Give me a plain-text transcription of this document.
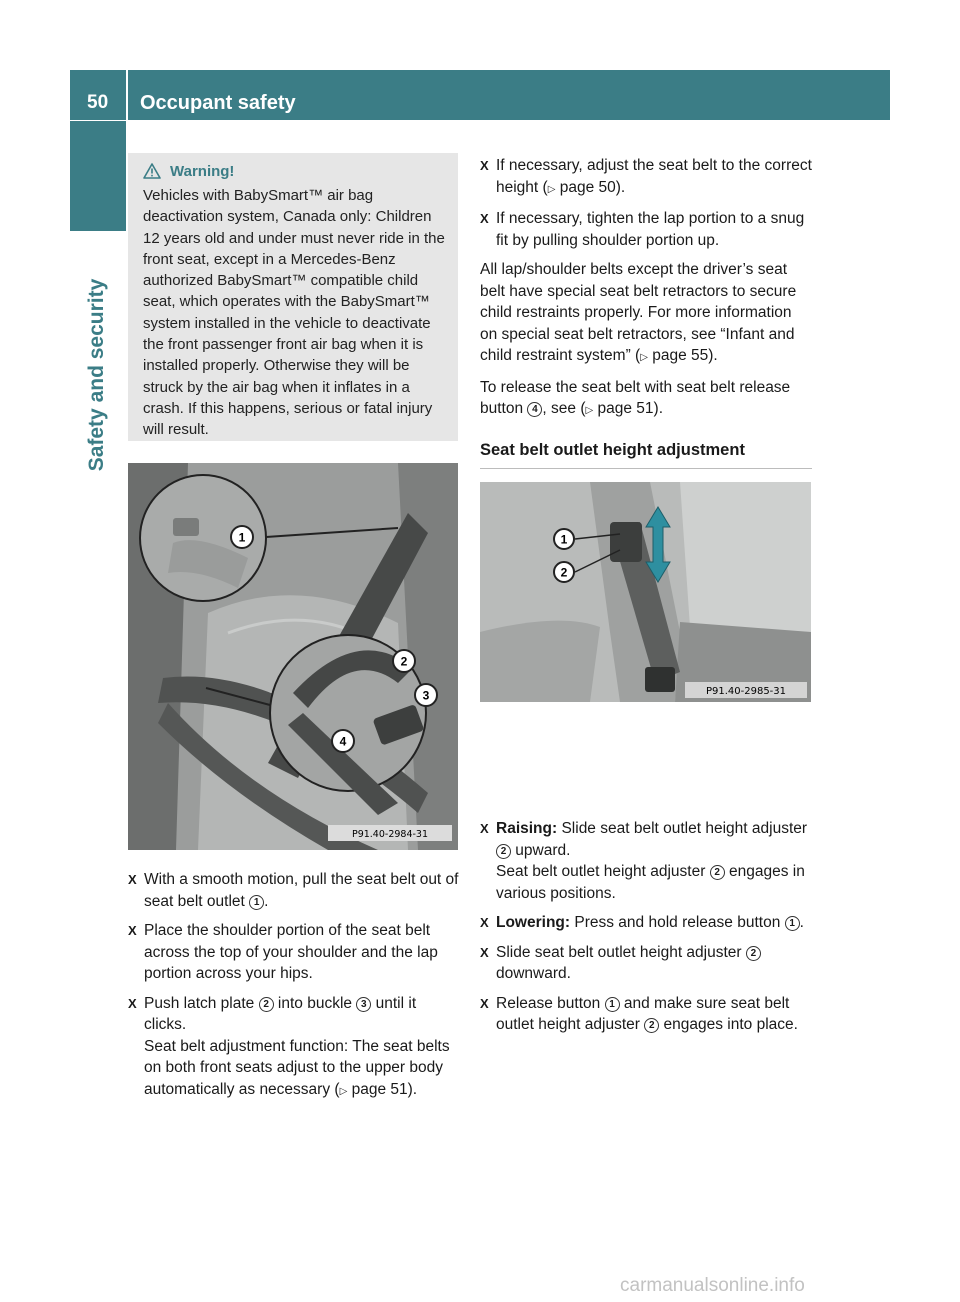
50	Occupant safety
Safety and security
Warning!
Vehicles with BabySmart™ air bag deactivation system, Canada only: Children 12 years old and under must never ride in the front seat, except in a Mercedes-Benz authorized BabySmart™ compatible child seat, which operates with the BabySmart™ system installed in the vehicle to deactivate the front passenger front air bag when it is installed properly. Otherwise they will be struck by the air bag when it inflates in a crash. If this happens, serious or fatal injury will result.
P91.40-2984-31
1
2
3
4
X With a smooth motion, pull the seat belt out of seat belt outlet 1 .
X Place the shoulder portion of the seat belt across the top of your shoulder and the lap portion across your hips.
X Push latch plate 2 into buckle 3 until it clicks.
Seat belt adjustment function: The seat belts on both front seats adjust to the upper body automatically as necessary (▷ page 51).
X If necessary, adjust the seat belt to the correct height (▷ page 50).
X If necessary, tighten the lap portion to a snug fit by pulling shoulder portion up.
All lap/shoulder belts except the driver’s seat belt have special seat belt retractors to secure child restraints properly. For more information on special seat belt retractors, see “Infant and child restraint system” (▷ page 55).
To release the seat belt with seat belt release button 4 , see (▷ page 51).
Seat belt outlet height adjustment
X Raising: Slide seat belt outlet height adjuster 2 upward.
Seat belt outlet height adjuster 2 engages in various positions.
X Lowering: Press and hold release button 1 .
X Slide seat belt outlet height adjuster 2 downward.
X Release button 1 and make sure seat belt outlet height adjuster 2 engages into place.
1
2
P91.40-2985-31
carmanualsonline.info
